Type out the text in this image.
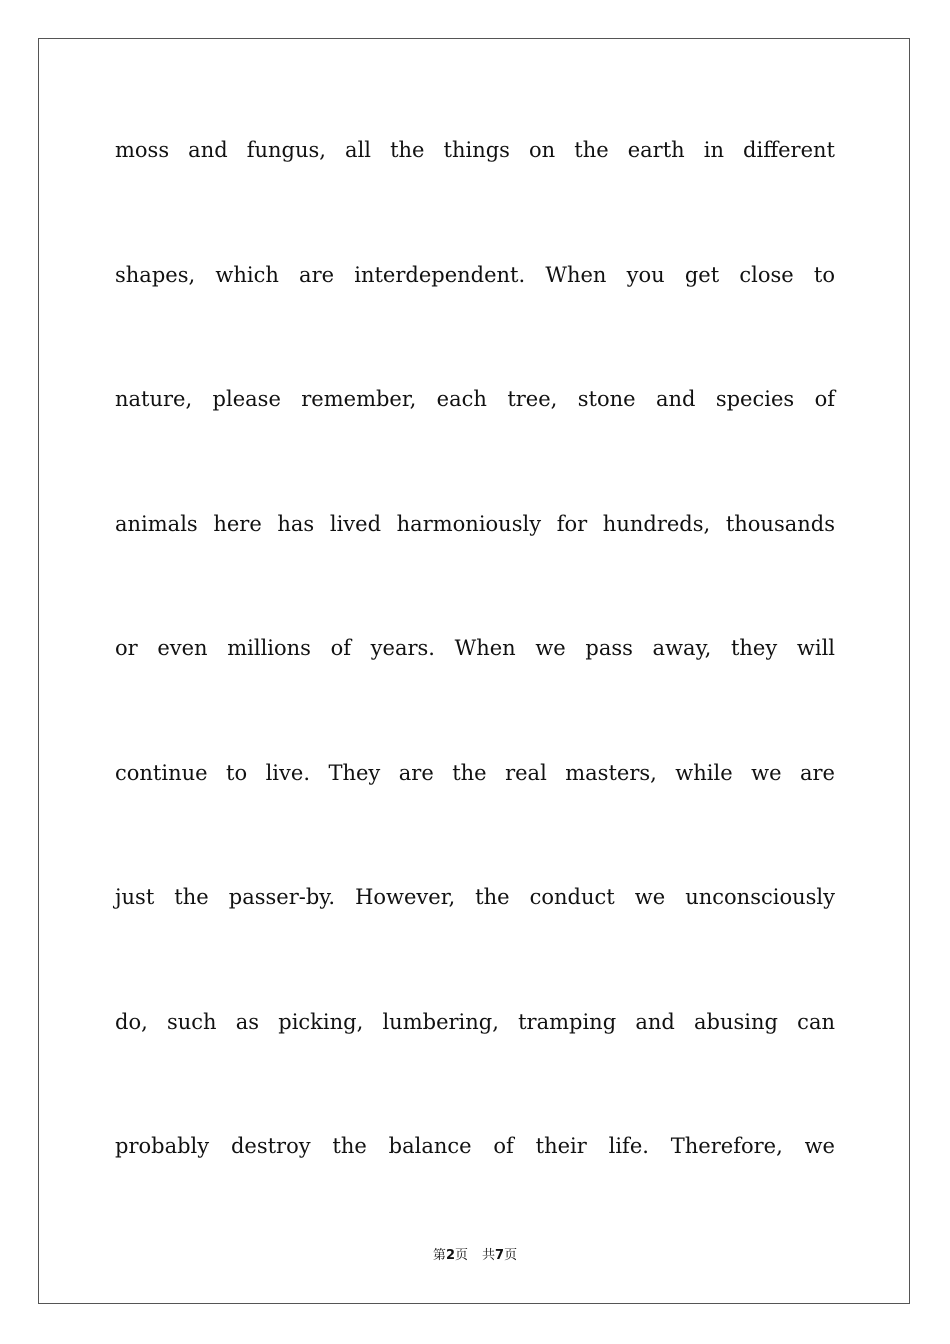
moss and fungus, all the things on the earth in different
shapes, which are interdependent. When you get close to
nature, please remember, each tree, stone and species of
animals here has lived harmoniously for hundreds, thousands
or even millions of years. When we pass away, they will
continue to live. They are the real masters, while we are
just the passer-by. However, the conduct we unconsciously
do, such as picking, lumbering, tramping and abusing can
probably destroy the balance of their life. Therefore, we
第2页 共7页
